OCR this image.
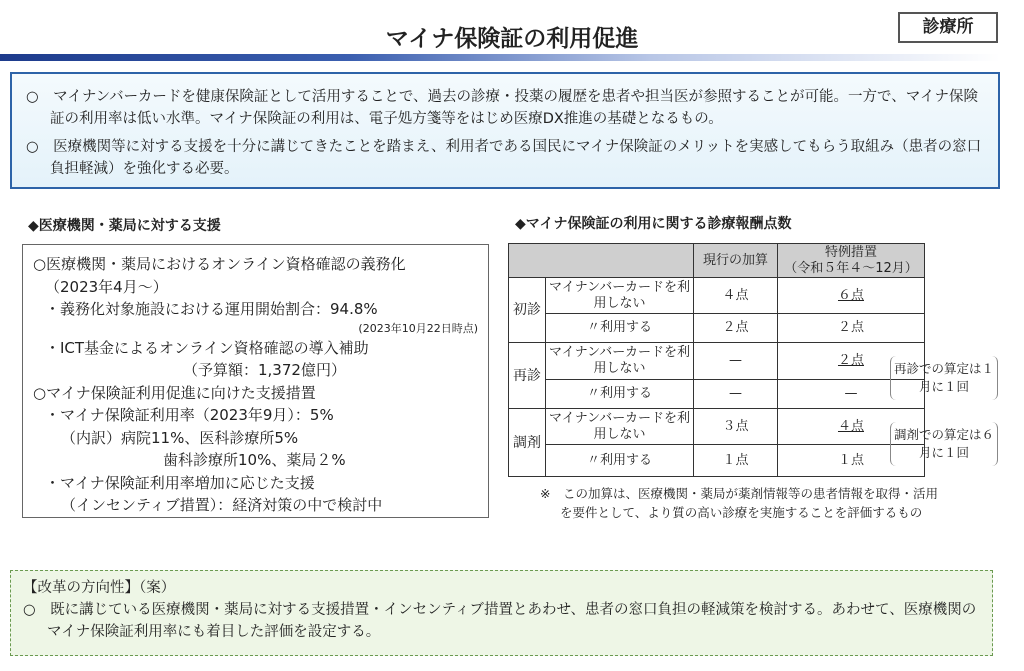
マイナ保険証の利用促進	診療所

○　マイナンバーカードを健康保険証として活用することで、過去の診療・投薬の履歴を患者や担当医が参照することが可能。一方で、マイナ保険証の利用率は低い水準。マイナ保険証の利用は、電子処方箋等をはじめ医療DX推進の基礎となるもの。

○　医療機関等に対する支援を十分に講じてきたことを踏まえ、利用者である国民にマイナ保険証のメリットを実感してもらう取組み（患者の窓口負担軽減）を強化する必要。

◆医療機関・薬局に対する支援
○医療機関・薬局におけるオンライン資格確認の義務化
（2023年4月～）
・義務化対象施設における運用開始割合：94.8%
(2023年10月22日時点)
・ICT基金によるオンライン資格確認の導入補助
（予算額：1,372億円）
○マイナ保険証利用促進に向けた支援措置
・マイナ保険証利用率（2023年9月）：5%
（内訳）病院11%、医科診療所5%
歯科診療所10%、薬局２%
・マイナ保険証利用率増加に応じた支援
（インセンティブ措置）：経済対策の中で検討中
◆マイナ保険証の利用に関する診療報酬点数
		現行の加算	特例措置
（令和５年４～12月）
初診	マイナンバーカードを利用しない	４点	６点
	〃利用する	２点	２点
再診	マイナンバーカードを利用しない	—	２点
	〃利用する	—	—
調剤	マイナンバーカードを利用しない	３点	４点
	〃利用する	１点	１点
再診での算定は１月に１回
調剤での算定は６月に１回
※　この加算は、医療機関・薬局が薬剤情報等の患者情報を取得・活用
を要件として、より質の高い診療を実施することを評価するもの
【改革の方向性】（案）
○　既に講じている医療機関・薬局に対する支援措置・インセンティブ措置とあわせ、患者の窓口負担の軽減策を検討する。あわせて、医療機関のマイナ保険証利用率にも着目した評価を設定する。
